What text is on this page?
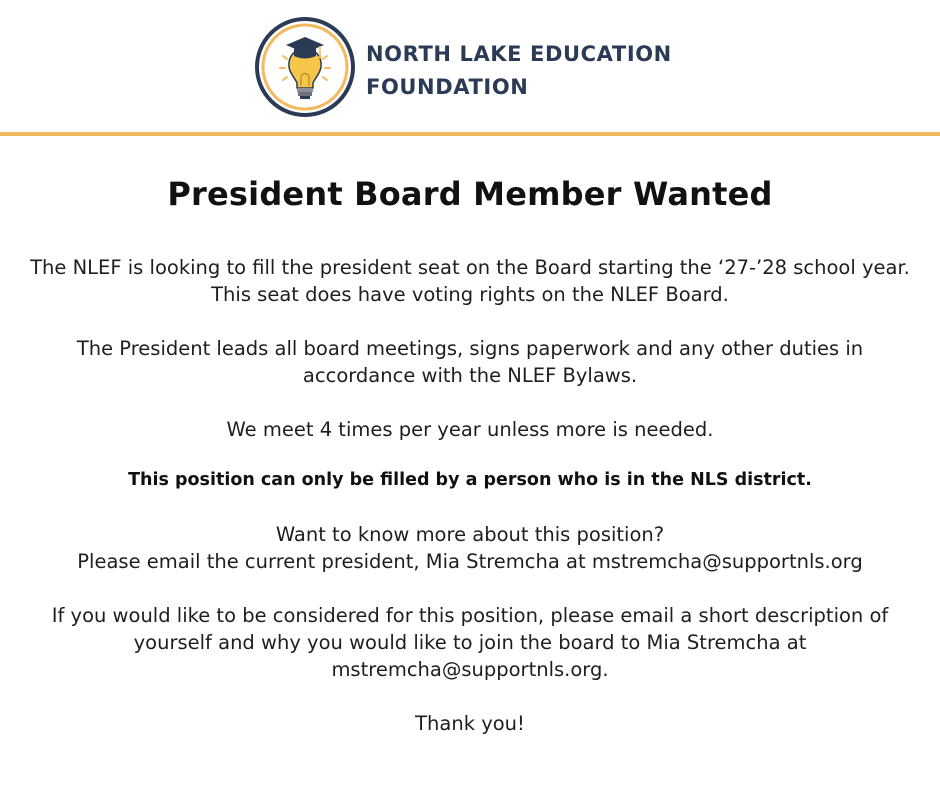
NORTH LAKE EDUCATION
FOUNDATION
President Board Member Wanted

The NLEF is looking to fill the president seat on the Board starting the ‘27-’28 school year.
This seat does have voting rights on the NLEF Board.

The President leads all board meetings, signs paperwork and any other duties in
accordance with the NLEF Bylaws.

We meet 4 times per year unless more is needed.

This position can only be filled by a person who is in the NLS district.

Want to know more about this position?
Please email the current president, Mia Stremcha at mstremcha@supportnls.org

If you would like to be considered for this position, please email a short description of
yourself and why you would like to join the board to Mia Stremcha at
mstremcha@supportnls.org.

Thank you!
